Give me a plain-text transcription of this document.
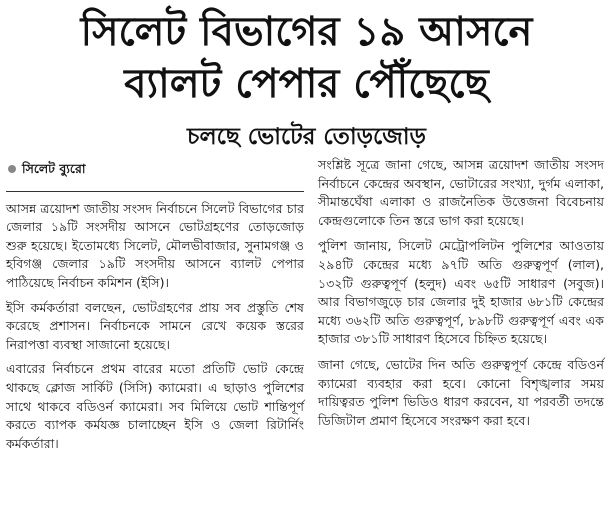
সিলেট বিভাগের ১৯ আসনে
ব্যালট পেপার পৌঁছেছে
চলছে ভোটের তোড়জোড়
সিলেট ব্যুরো

আসন্ন ত্রয়োদশ জাতীয় সংসদ নির্বাচনে সিলেট বিভাগের চার জেলার ১৯টি সংসদীয় আসনে ভোটগ্রহণের তোড়জোড় শুরু হয়েছে। ইতোমধ্যে সিলেট, মৌলভীবাজার, সুনামগঞ্জ ও হবিগঞ্জ জেলার ১৯টি সংসদীয় আসনে ব্যালট পেপার পাঠিয়েছে নির্বাচন কমিশন (ইসি)।

ইসি কর্মকর্তারা বলছেন, ভোটগ্রহণের প্রায় সব প্রস্তুতি শেষ করেছে প্রশাসন। নির্বাচনকে সামনে রেখে কয়েক স্তরের নিরাপত্তা ব্যবস্থা সাজানো হয়েছে।

এবারের নির্বাচনে প্রথম বারের মতো প্রতিটি ভোট কেন্দ্রে থাকছে ক্লোজ সার্কিট (সিসি) ক্যামেরা। এ ছাড়াও পুলিশের সাথে থাকবে বডিওর্ন ক্যামেরা। সব মিলিয়ে ভোট শান্তিপূর্ণ করতে ব্যাপক কর্মযজ্ঞ চালাচ্ছেন ইসি ও জেলা রিটার্নিং কর্মকর্তারা।

সংশ্লিষ্ট সূত্রে জানা গেছে, আসন্ন ত্রয়োদশ জাতীয় সংসদ নির্বাচনে কেন্দ্রের অবস্থান, ভোটারের সংখ্যা, দুর্গম এলাকা, সীমান্তঘেঁষা এলাকা ও রাজনৈতিক উত্তেজনা বিবেচনায় কেন্দ্রগুলোকে তিন স্তরে ভাগ করা হয়েছে।

পুলিশ জানায়, সিলেট মেট্রোপলিটন পুলিশের আওতায় ২৯৪টি কেন্দ্রের মধ্যে ৯৭টি অতি গুরুত্বপূর্ণ (লাল), ১৩২টি গুরুত্বপূর্ণ (হলুদ) এবং ৬৫টি সাধারণ (সবুজ)। আর বিভাগজুড়ে চার জেলার দুই হাজার ৬৮১টি কেন্দ্রের মধ্যে ৩৬২টি অতি গুরুত্বপূর্ণ, ৮৯৮টি গুরুত্বপূর্ণ এবং এক হাজার ৩৮১টি সাধারণ হিসেবে চিহ্নিত হয়েছে।

জানা গেছে, ভোটের দিন অতি গুরুত্বপূর্ণ কেন্দ্রে বডিওর্ন ক্যামেরা ব্যবহার করা হবে। কোনো বিশৃঙ্খলার সময় দায়িত্বরত পুলিশ ভিডিও ধারণ করবেন, যা পরবর্তী তদন্তে ডিজিটাল প্রমাণ হিসেবে সংরক্ষণ করা হবে।
